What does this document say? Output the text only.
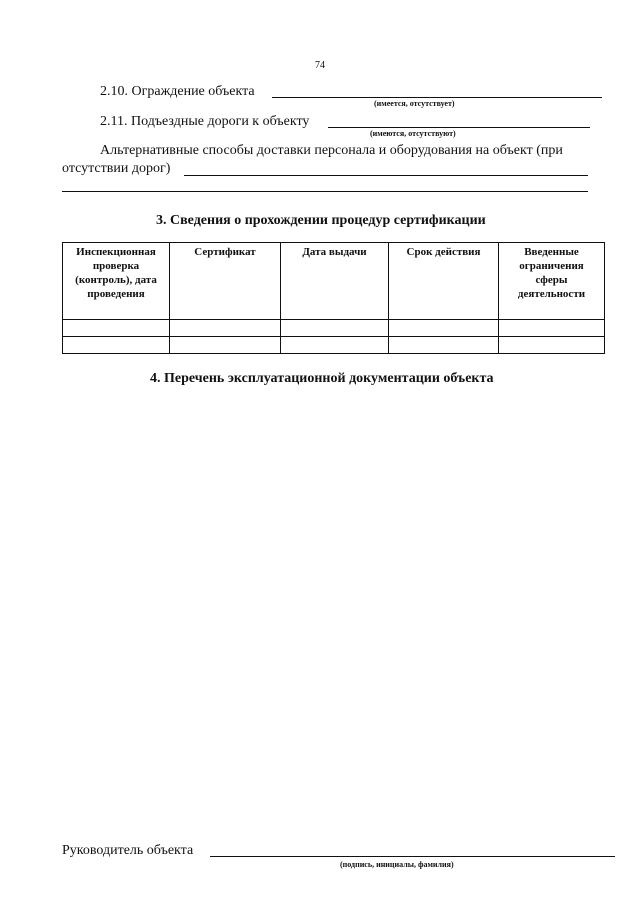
74
2.10. Ограждение объекта
(имеется, отсутствует)
2.11. Подъездные дороги к объекту
(имеются, отсутствуют)
Альтернативные способы доставки персонала и оборудования на объект (при
отсутствии дорог)
3. Сведения о прохождении процедур сертификации
Инспекционная проверка (контроль), дата проведения	Сертификат	Дата выдачи	Срок действия	Введенные ограничения сферы деятельности

4. Перечень эксплуатационной документации объекта
Руководитель объекта
(подпись, инициалы, фамилия)
